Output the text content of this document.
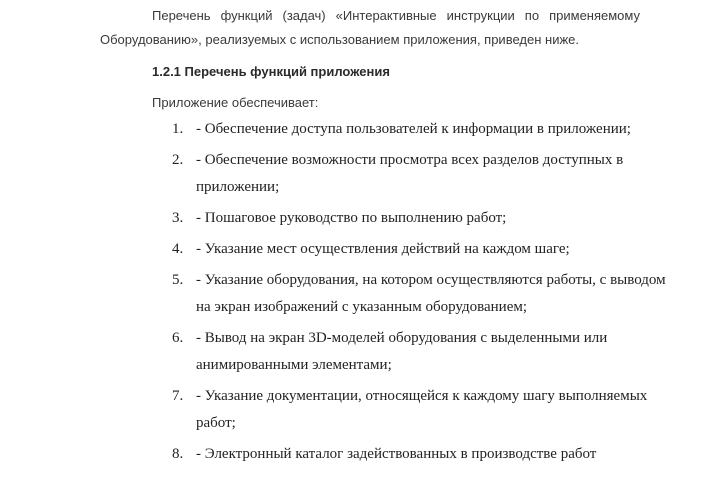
Перечень функций (задач) «Интерактивные инструкции по применяемому
Оборудованию», реализуемых с использованием приложения, приведен ниже.
1.2.1 Перечень функций приложения
Приложение обеспечивает:
1. - Обеспечение доступа пользователей к информации в приложении;
2. - Обеспечение возможности просмотра всех разделов доступных в приложении;
3. - Пошаговое руководство по выполнению работ;
4. - Указание мест осуществления действий на каждом шаге;
5. - Указание оборудования, на котором осуществляются работы, с выводом на экран изображений с указанным оборудованием;
6. - Вывод на экран 3D-моделей оборудования с выделенными или анимированными элементами;
7. - Указание документации, относящейся к каждому шагу выполняемых работ;
8. - Электронный каталог задействованных в производстве работ
